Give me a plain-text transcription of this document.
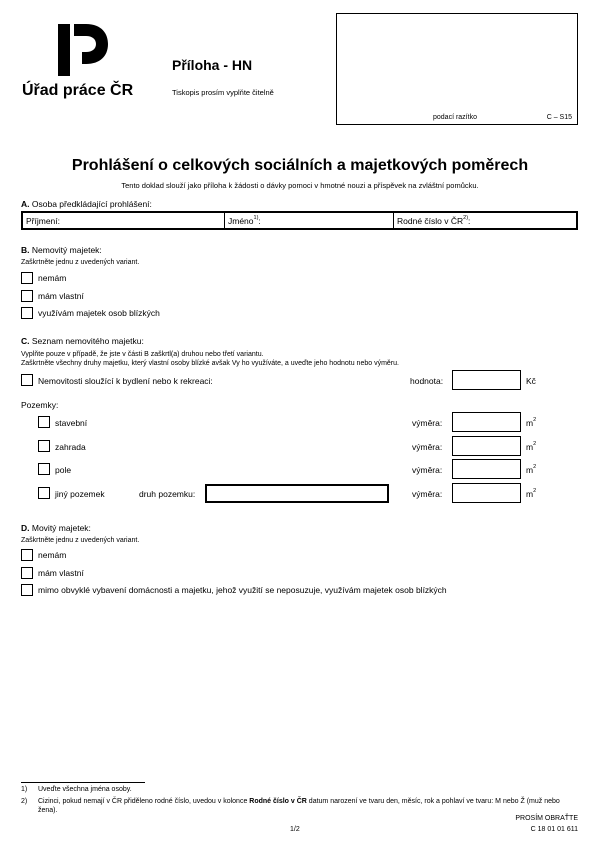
Úřad práce ČR
Příloha - HN
Tiskopis prosím vyplňte čitelně
podací razítko	C – S15
Prohlášení o celkových sociálních a majetkových poměrech
Tento doklad slouží jako příloha k žádosti o dávky pomoci v hmotné nouzi a příspěvek na zvláštní pomůcku.
A. Osoba předkládající prohlášení:
Příjmení:	Jméno$^{1)}$:	Rodné číslo v ČR$^{2)}$:
B. Nemovitý majetek:
Zaškrtněte jednu z uvedených variant.
nemám
mám vlastní
využívám majetek osob blízkých
C. Seznam nemovitého majetku:
Vyplňte pouze v případě, že jste v části B zaškrtl(a) druhou nebo třetí variantu.
Zaškrtněte všechny druhy majetku, který vlastní osoby blízké avšak Vy ho využíváte, a uveďte jeho hodnotu nebo výměru.
Nemovitosti sloužící k bydlení nebo k rekreaci:	hodnota:	Kč
Pozemky:
stavební	výměra:	$m^2$
zahrada	výměra:	$m^2$
pole	výměra:	$m^2$
jiný pozemek	druh pozemku:	výměra:	$m^2$
D. Movitý majetek:
Zaškrtněte jednu z uvedených variant.
nemám
mám vlastní
mimo obvyklé vybavení domácnosti a majetku, jehož využití se neposuzuje, využívám majetek osob blízkých
1) Uveďte všechna jména osoby.
2) Cizinci, pokud nemají v ČR přiděleno rodné číslo, uvedou v kolonce Rodné číslo v ČR datum narození ve tvaru den, měsíc, rok a pohlaví ve tvaru: M nebo Ž (muž nebo žena).
1/2
PROSÍM OBRAŤTE
C 18 01 01 611
